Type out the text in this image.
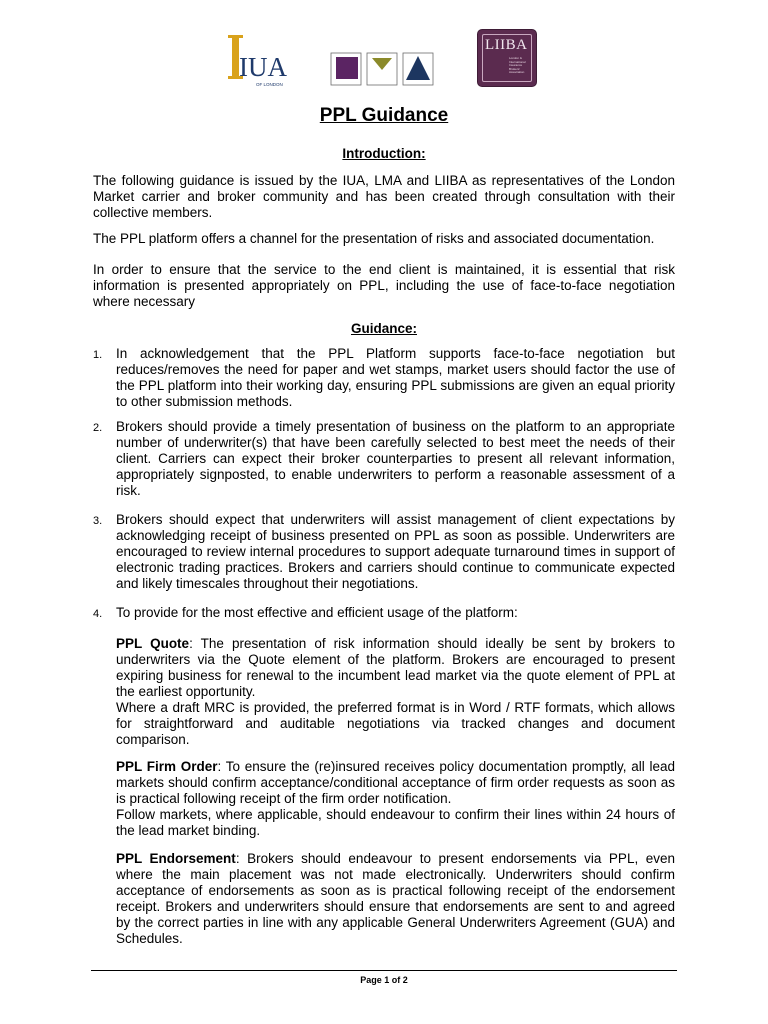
IUA
OF LONDON
LIIBA
London & International Insurance Brokers' Association
PPL Guidance
Introduction:
The following guidance is issued by the IUA, LMA and LIIBA as representatives of the London Market carrier and broker community and has been created through consultation with their collective members.
The PPL platform offers a channel for the presentation of risks and associated documentation.
In order to ensure that the service to the end client is maintained, it is essential that risk information is presented appropriately on PPL, including the use of face-to-face negotiation where necessary
Guidance:
1. In acknowledgement that the PPL Platform supports face-to-face negotiation but reduces/removes the need for paper and wet stamps, market users should factor the use of the PPL platform into their working day, ensuring PPL submissions are given an equal priority to other submission methods.
2. Brokers should provide a timely presentation of business on the platform to an appropriate number of underwriter(s) that have been carefully selected to best meet the needs of their client. Carriers can expect their broker counterparties to present all relevant information, appropriately signposted, to enable underwriters to perform a reasonable assessment of a risk.
3. Brokers should expect that underwriters will assist management of client expectations by acknowledging receipt of business presented on PPL as soon as possible. Underwriters are encouraged to review internal procedures to support adequate turnaround times in support of electronic trading practices. Brokers and carriers should continue to communicate expected and likely timescales throughout their negotiations.
4. To provide for the most effective and efficient usage of the platform:
PPL Quote: The presentation of risk information should ideally be sent by brokers to underwriters via the Quote element of the platform. Brokers are encouraged to present expiring business for renewal to the incumbent lead market via the quote element of PPL at the earliest opportunity.
Where a draft MRC is provided, the preferred format is in Word / RTF formats, which allows for straightforward and auditable negotiations via tracked changes and document comparison.
PPL Firm Order: To ensure the (re)insured receives policy documentation promptly, all lead markets should confirm acceptance/conditional acceptance of firm order requests as soon as is practical following receipt of the firm order notification.
Follow markets, where applicable, should endeavour to confirm their lines within 24 hours of the lead market binding.
PPL Endorsement: Brokers should endeavour to present endorsements via PPL, even where the main placement was not made electronically. Underwriters should confirm acceptance of endorsements as soon as is practical following receipt of the endorsement receipt. Brokers and underwriters should ensure that endorsements are sent to and agreed by the correct parties in line with any applicable General Underwriters Agreement (GUA) and Schedules.
Page 1 of 2
